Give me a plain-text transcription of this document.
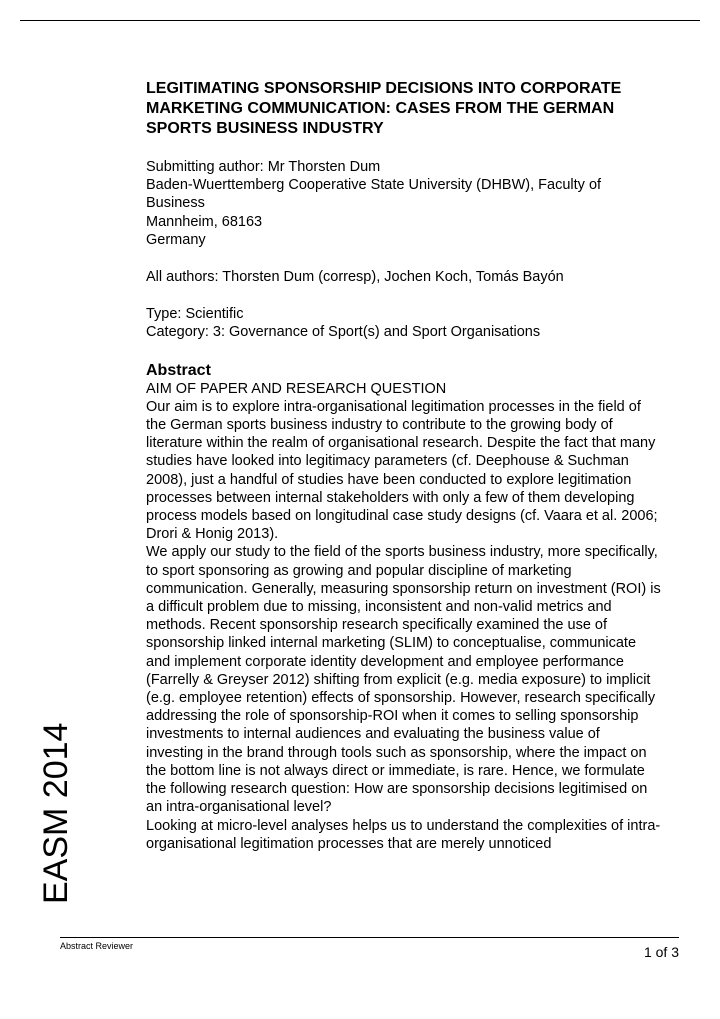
LEGITIMATING SPONSORSHIP DECISIONS INTO CORPORATE MARKETING COMMUNICATION: CASES FROM THE GERMAN SPORTS BUSINESS INDUSTRY
Submitting author: Mr Thorsten Dum
Baden-Wuerttemberg Cooperative State University (DHBW), Faculty of Business
Mannheim, 68163
Germany
All authors: Thorsten Dum (corresp), Jochen Koch, Tomás Bayón
Type: Scientific
Category: 3: Governance of Sport(s) and Sport Organisations
Abstract
AIM OF PAPER AND RESEARCH QUESTION
Our aim is to explore intra-organisational legitimation processes in the field of the German sports business industry to contribute to the growing body of literature within the realm of organisational research. Despite the fact that many studies have looked into legitimacy parameters (cf. Deephouse & Suchman 2008), just a handful of studies have been conducted to explore legitimation processes between internal stakeholders with only a few of them developing process models based on longitudinal case study designs (cf. Vaara et al. 2006; Drori & Honig 2013).
We apply our study to the field of the sports business industry, more specifically, to sport sponsoring as growing and popular discipline of marketing communication. Generally, measuring sponsorship return on investment (ROI) is a difficult problem due to missing, inconsistent and non-valid metrics and methods. Recent sponsorship research specifically examined the use of sponsorship linked internal marketing (SLIM) to conceptualise, communicate and implement corporate identity development and employee performance (Farrelly & Greyser 2012) shifting from explicit (e.g. media exposure) to implicit (e.g. employee retention) effects of sponsorship. However, research specifically addressing the role of sponsorship-ROI when it comes to selling sponsorship investments to internal audiences and evaluating the business value of investing in the brand through tools such as sponsorship, where the impact on the bottom line is not always direct or immediate, is rare. Hence, we formulate the following research question: How are sponsorship decisions legitimised on an intra-organisational level?
Looking at micro-level analyses helps us to understand the complexities of intra-organisational legitimation processes that are merely unnoticed
EASM 2014
Abstract Reviewer	1 of 3
